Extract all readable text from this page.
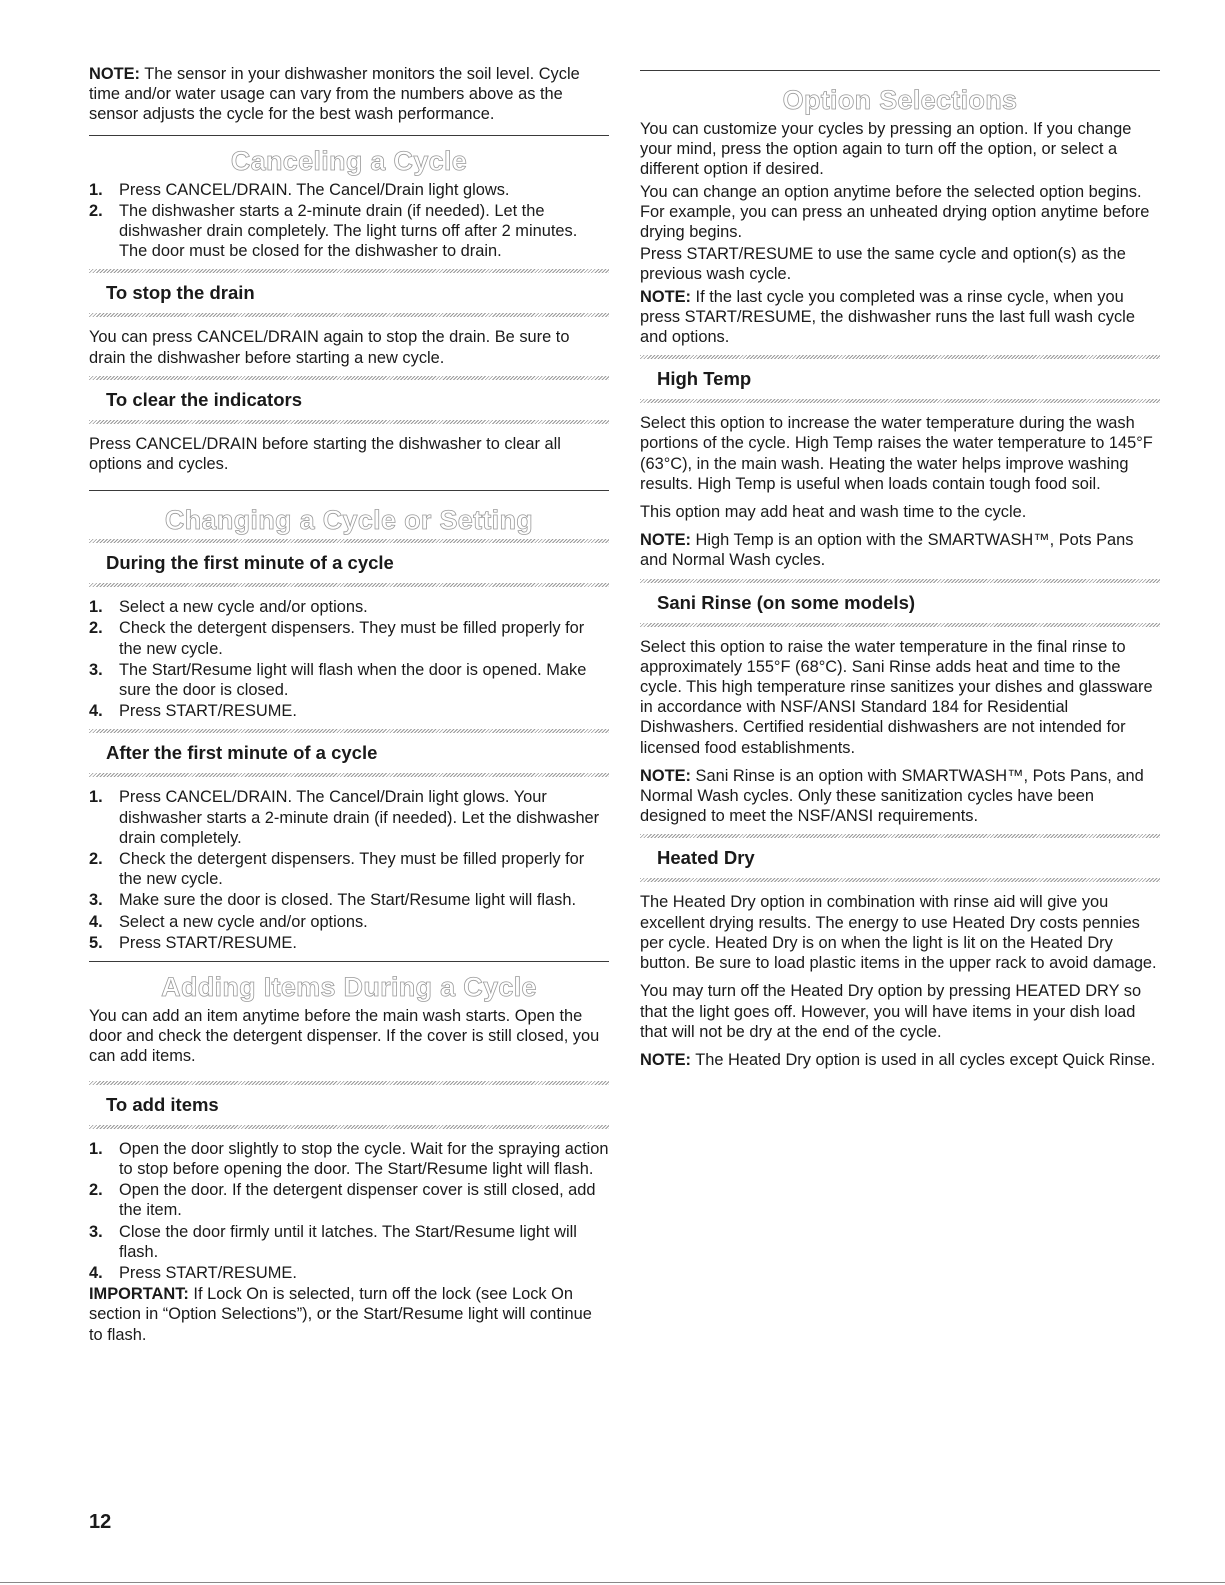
NOTE: The sensor in your dishwasher monitors the soil level. Cycle time and/or water usage can vary from the numbers above as the sensor adjusts the cycle for the best wash performance.

Canceling a Cycle
1. Press CANCEL/DRAIN. The Cancel/Drain light glows.
2. The dishwasher starts a 2-minute drain (if needed). Let the dishwasher drain completely. The light turns off after 2 minutes. The door must be closed for the dishwasher to drain.
To stop the drain

You can press CANCEL/DRAIN again to stop the drain. Be sure to drain the dishwasher before starting a new cycle.

To clear the indicators

Press CANCEL/DRAIN before starting the dishwasher to clear all options and cycles.

Changing a Cycle or Setting
During the first minute of a cycle
1. Select a new cycle and/or options.
2. Check the detergent dispensers. They must be filled properly for the new cycle.
3. The Start/Resume light will flash when the door is opened. Make sure the door is closed.
4. Press START/RESUME.
After the first minute of a cycle
1. Press CANCEL/DRAIN. The Cancel/Drain light glows. Your dishwasher starts a 2-minute drain (if needed). Let the dishwasher drain completely.
2. Check the detergent dispensers. They must be filled properly for the new cycle.
3. Make sure the door is closed. The Start/Resume light will flash.
4. Select a new cycle and/or options.
5. Press START/RESUME.
Adding Items During a Cycle

You can add an item anytime before the main wash starts. Open the door and check the detergent dispenser. If the cover is still closed, you can add items.

To add items
1. Open the door slightly to stop the cycle. Wait for the spraying action to stop before opening the door. The Start/Resume light will flash.
2. Open the door. If the detergent dispenser cover is still closed, add the item.
3. Close the door firmly until it latches. The Start/Resume light will flash.
4. Press START/RESUME.

IMPORTANT: If Lock On is selected, turn off the lock (see Lock On section in “Option Selections”), or the Start/Resume light will continue to flash.

Option Selections

You can customize your cycles by pressing an option. If you change your mind, press the option again to turn off the option, or select a different option if desired.

You can change an option anytime before the selected option begins. For example, you can press an unheated drying option anytime before drying begins.

Press START/RESUME to use the same cycle and option(s) as the previous wash cycle.

NOTE: If the last cycle you completed was a rinse cycle, when you press START/RESUME, the dishwasher runs the last full wash cycle and options.

High Temp

Select this option to increase the water temperature during the wash portions of the cycle. High Temp raises the water temperature to 145°F (63°C), in the main wash. Heating the water helps improve washing results. High Temp is useful when loads contain tough food soil.

This option may add heat and wash time to the cycle.

NOTE: High Temp is an option with the SMARTWASH™, Pots Pans and Normal Wash cycles.

Sani Rinse (on some models)

Select this option to raise the water temperature in the final rinse to approximately 155°F (68°C). Sani Rinse adds heat and time to the cycle. This high temperature rinse sanitizes your dishes and glassware in accordance with NSF/ANSI Standard 184 for Residential Dishwashers. Certified residential dishwashers are not intended for licensed food establishments.

NOTE: Sani Rinse is an option with SMARTWASH™, Pots Pans, and Normal Wash cycles. Only these sanitization cycles have been designed to meet the NSF/ANSI requirements.

Heated Dry

The Heated Dry option in combination with rinse aid will give you excellent drying results. The energy to use Heated Dry costs pennies per cycle. Heated Dry is on when the light is lit on the Heated Dry button. Be sure to load plastic items in the upper rack to avoid damage.

You may turn off the Heated Dry option by pressing HEATED DRY so that the light goes off. However, you will have items in your dish load that will not be dry at the end of the cycle.

NOTE: The Heated Dry option is used in all cycles except Quick Rinse.

12
